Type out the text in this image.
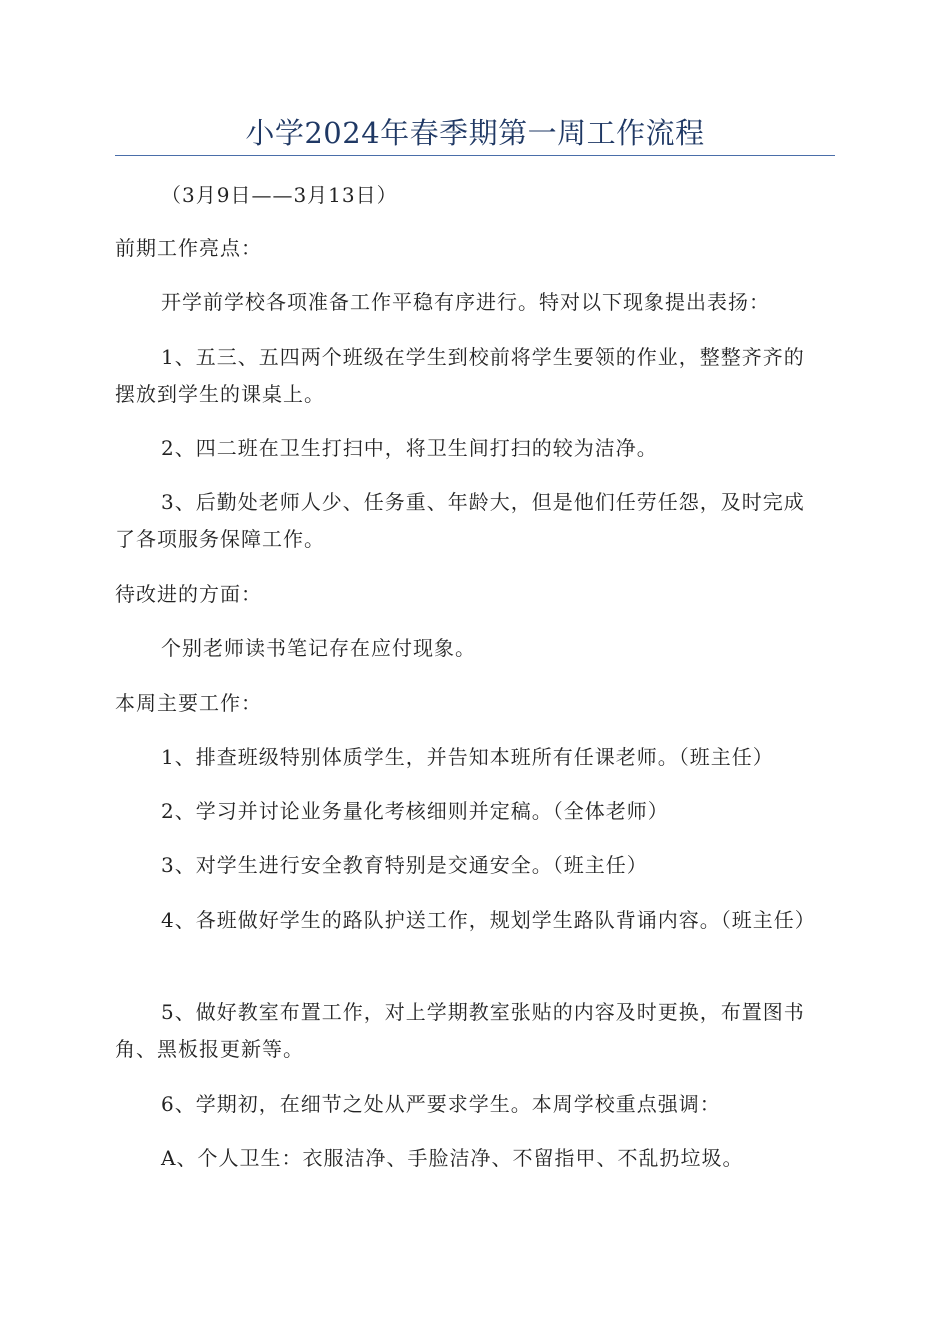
小学2024年春季期第一周工作流程
（3月9日——3月13日）
前期工作亮点：
开学前学校各项准备工作平稳有序进行。特对以下现象提出表扬：
1、五三、五四两个班级在学生到校前将学生要领的作业，整整齐齐的摆放到学生的课桌上。
2、四二班在卫生打扫中，将卫生间打扫的较为洁净。
3、后勤处老师人少、任务重、年龄大，但是他们任劳任怨，及时完成了各项服务保障工作。
待改进的方面：
个别老师读书笔记存在应付现象。
本周主要工作：
1、排查班级特别体质学生，并告知本班所有任课老师。（班主任）
2、学习并讨论业务量化考核细则并定稿。（全体老师）
3、对学生进行安全教育特别是交通安全。（班主任）
4、各班做好学生的路队护送工作，规划学生路队背诵内容。（班主任）
5、做好教室布置工作，对上学期教室张贴的内容及时更换，布置图书角、黑板报更新等。
6、学期初，在细节之处从严要求学生。本周学校重点强调：
A、个人卫生：衣服洁净、手脸洁净、不留指甲、不乱扔垃圾。
